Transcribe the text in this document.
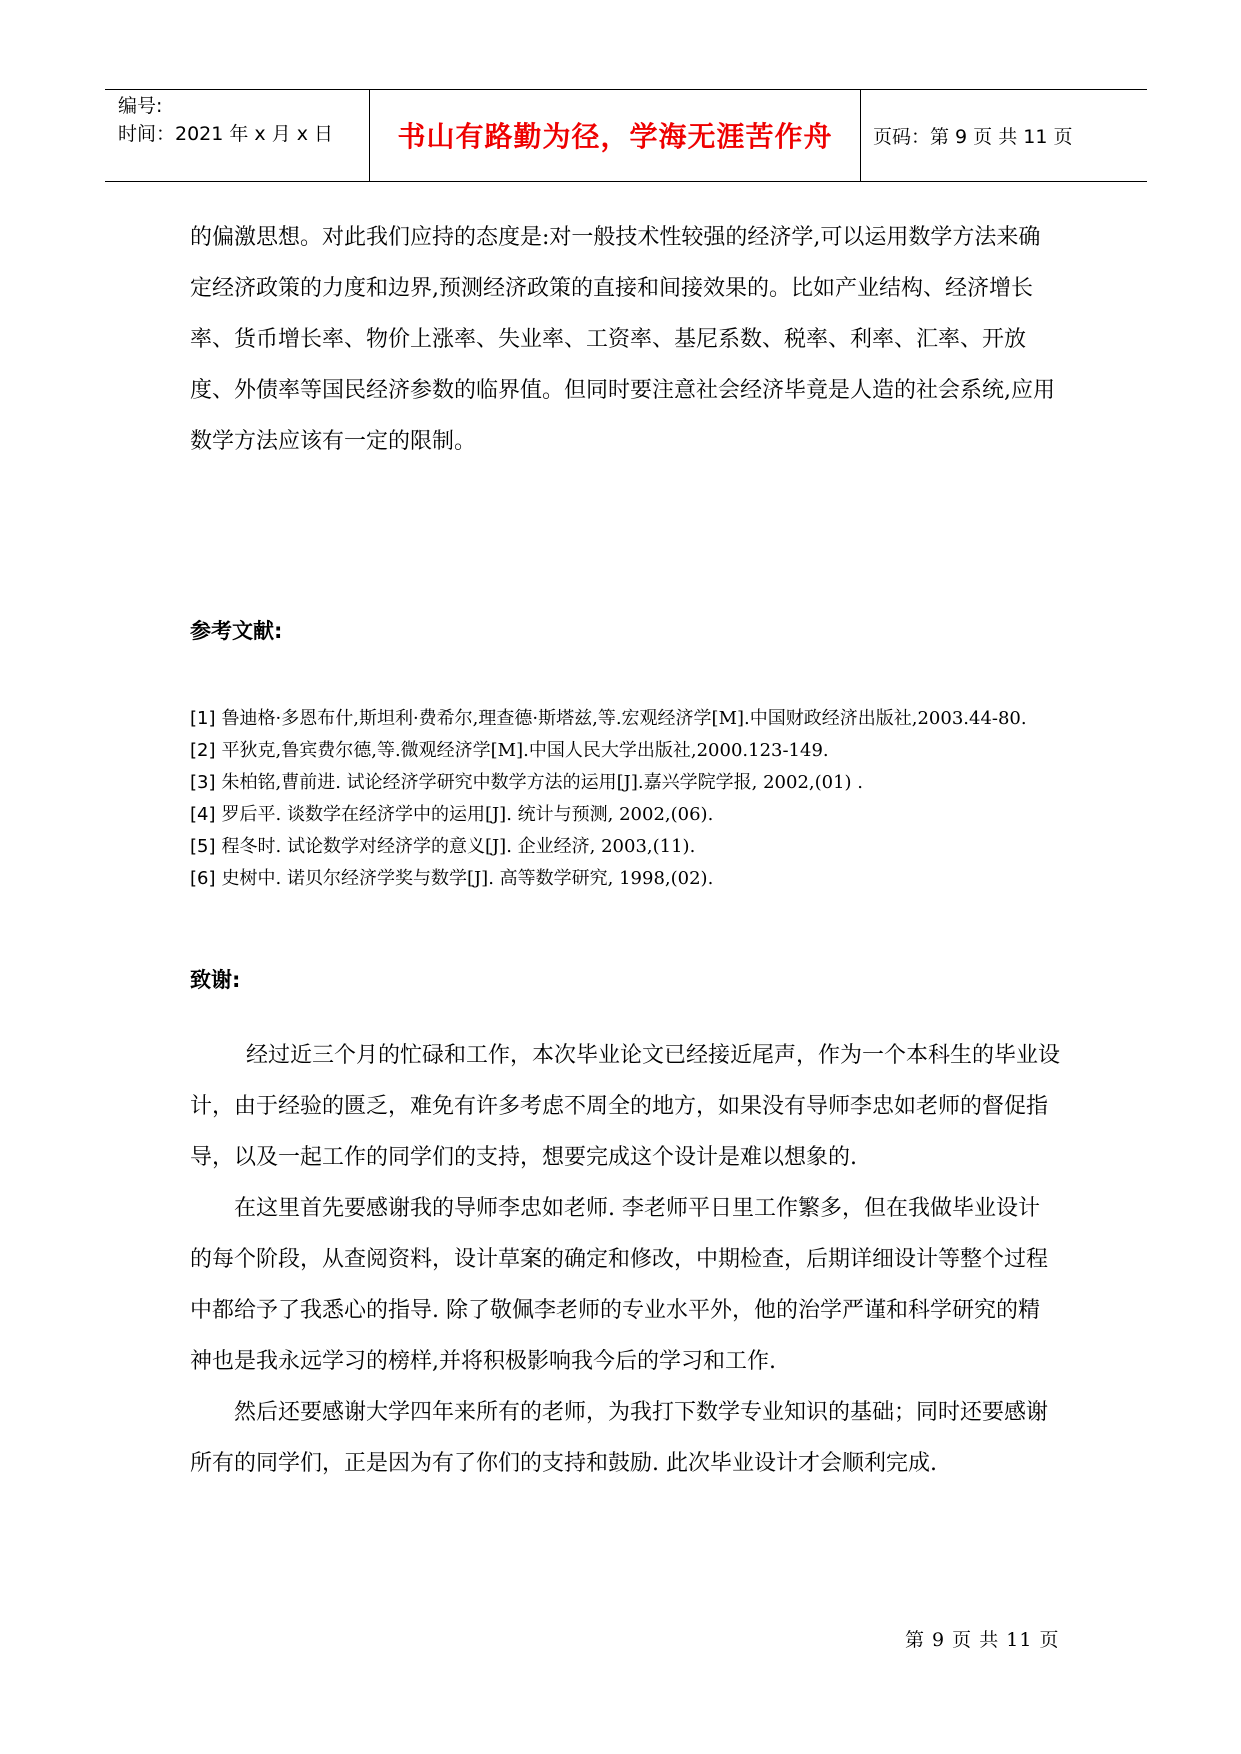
编号:
时间：2021 年 x 月 x 日	书山有路勤为径，学海无涯苦作舟	页码：第 9 页 共 11 页

的偏激思想。对此我们应持的态度是:对一般技术性较强的经济学,可以运用数学方法来确定经济政策的力度和边界,预测经济政策的直接和间接效果的。比如产业结构、经济增长率、货币增长率、物价上涨率、失业率、工资率、基尼系数、税率、利率、汇率、开放度、外债率等国民经济参数的临界值。但同时要注意社会经济毕竟是人造的社会系统,应用数学方法应该有一定的限制。

参考文献:

[1] 鲁迪格·多恩布什,斯坦利·费希尔,理查德·斯塔兹,等.宏观经济学[M].中国财政经济出版社,2003.44-80.

[2] 平狄克,鲁宾费尔德,等.微观经济学[M].中国人民大学出版社,2000.123-149.

[3] 朱柏铭,曹前进. 试论经济学研究中数学方法的运用[J].嘉兴学院学报, 2002,(01) .

[4] 罗后平. 谈数学在经济学中的运用[J]. 统计与预测, 2002,(06).

[5] 程冬时. 试论数学对经济学的意义[J]. 企业经济, 2003,(11).

[6] 史树中. 诺贝尔经济学奖与数学[J]. 高等数学研究, 1998,(02).

致谢:

经过近三个月的忙碌和工作，本次毕业论文已经接近尾声，作为一个本科生的毕业设计，由于经验的匮乏，难免有许多考虑不周全的地方，如果没有导师李忠如老师的督促指导，以及一起工作的同学们的支持，想要完成这个设计是难以想象的.

在这里首先要感谢我的导师李忠如老师. 李老师平日里工作繁多，但在我做毕业设计的每个阶段，从查阅资料，设计草案的确定和修改，中期检查，后期详细设计等整个过程中都给予了我悉心的指导. 除了敬佩李老师的专业水平外，他的治学严谨和科学研究的精神也是我永远学习的榜样,并将积极影响我今后的学习和工作.

然后还要感谢大学四年来所有的老师，为我打下数学专业知识的基础；同时还要感谢所有的同学们，正是因为有了你们的支持和鼓励. 此次毕业设计才会顺利完成.

第 9 页 共 11 页
